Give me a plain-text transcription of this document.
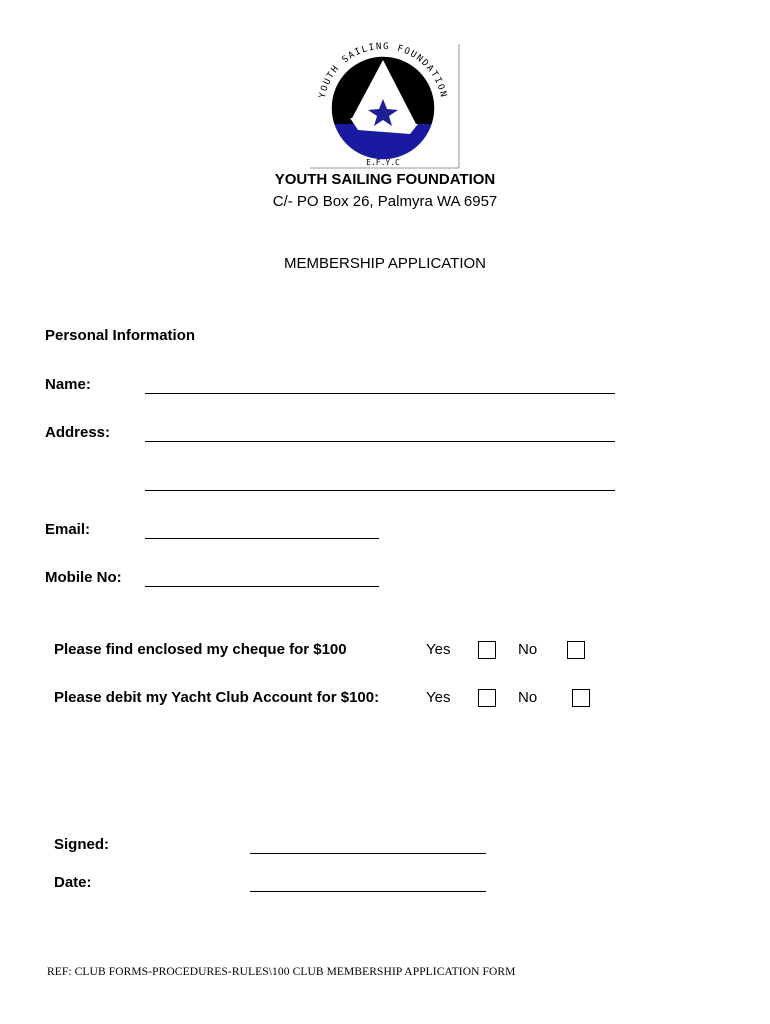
YOUTH SAILING FOUNDATION
E.F.Y.C
YOUTH SAILING FOUNDATION
C/- PO Box 26, Palmyra WA 6957
MEMBERSHIP APPLICATION
Personal Information
Name:
Address:
Email:
Mobile No:
Please find enclosed my cheque for $100	Yes	No
Please debit my Yacht Club Account for $100:	Yes	No
Signed:
Date:
REF: CLUB FORMS-PROCEDURES-RULES\100 CLUB MEMBERSHIP APPLICATION FORM
